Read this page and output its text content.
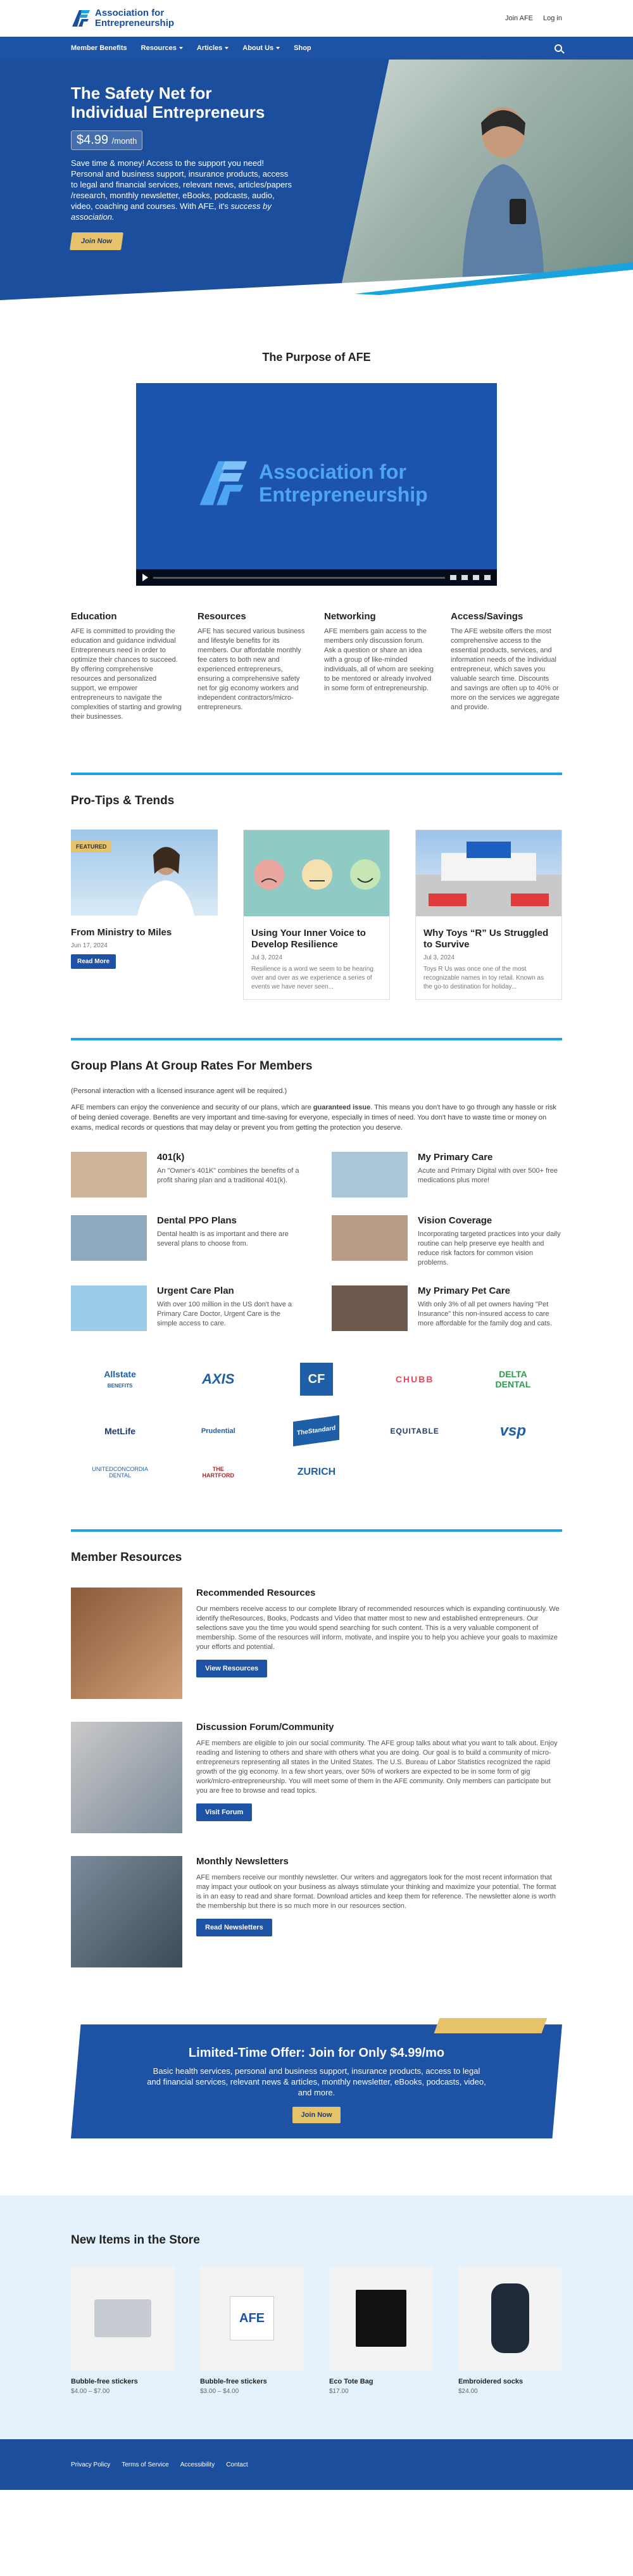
Association for
Entrepreneurship	Join AFE Log in
Member Benefits Resources	Articles	About Us	Shop
The Safety Net for Individual Entrepreneurs
$4.99 /month
Save time & money! Access to the support you need! Personal and business support, insurance products, access to legal and financial services, relevant news, articles/papers /research, monthly newsletter, eBooks, podcasts, audio, video, coaching and courses. With AFE, it's success by association.
Join Now
The Purpose of AFE
Association for
Entrepreneurship
Education

AFE is committed to providing the education and guidance individual Entrepreneurs need in order to optimize their chances to succeed. By offering comprehensive resources and personalized support, we empower entrepreneurs to navigate the complexities of starting and growing their businesses.

Resources

AFE has secured various business and lifestyle benefits for its members. Our affordable monthly fee caters to both new and experienced entrepreneurs, ensuring a comprehensive safety net for gig economy workers and independent contractors/micro-entrepreneurs.

Networking

AFE members gain access to the members only discussion forum. Ask a question or share an idea with a group of like-minded individuals, all of whom are seeking to be mentored or already involved in some form of entrepreneurship.

Access/Savings

The AFE website offers the most comprehensive access to the essential products, services, and information needs of the individual entrepreneur, which saves you valuable search time. Discounts and savings are often up to 40% or more on the services we aggregate and provide.

Pro-Tips & Trends
FEATURED
From Ministry to Miles
Jun 17, 2024
Read More
Using Your Inner Voice to Develop Resilience
Jul 3, 2024
Resilience is a word we seem to be hearing over and over as we experience a series of events we have never seen...
Why Toys “R” Us Struggled to Survive
Jul 3, 2024
Toys R Us was once one of the most recognizable names in toy retail. Known as the go-to destination for holiday...
Group Plans At Group Rates For Members
(Personal interaction with a licensed insurance agent will be required.)
AFE members can enjoy the convenience and security of our plans, which are guaranteed issue. This means you don't have to go through any hassle or risk of being denied coverage. Benefits are very important and time-saving for everyone, especially in times of need. You don't have to waste time or money on exams, medical records or questions that may delay or prevent you from getting the protection you deserve.
401(k)

An "Owner's 401K" combines the benefits of a profit sharing plan and a traditional 401(k).

My Primary Care

Acute and Primary Digital with over 500+ free medications plus more!

Dental PPO Plans

Dental health is as important and there are several plans to choose from.

Vision Coverage

Incorporating targeted practices into your daily routine can help preserve eye health and reduce risk factors for common vision problems.

Urgent Care Plan

With over 100 million in the US don't have a Primary Care Doctor, Urgent Care is the simple access to care.

My Primary Pet Care

With only 3% of all pet owners having "Pet Insurance" this non-insured access to care more affordable for the family dog and cats.

Allstate
BENEFITS	AXIS	CF	CHUBB	DELTA DENTAL
MetLife	Prudential	TheStandard	EQUITABLE	vsp
UNITEDCONCORDIA DENTAL
THE HARTFORD	ZURICH
Member Resources
Recommended Resources

Our members receive access to our complete library of recommended resources which is expanding continuously. We identify theResources, Books, Podcasts and Video that matter most to new and established entrepreneurs. Our selections save you the time you would spend searching for such content. This is a very valuable component of membership. Some of the resources will inform, motivate, and inspire you to help you achieve your goals to maximize your efforts and potential.

View Resources
Discussion Forum/Community

AFE members are eligible to join our social community. The AFE group talks about what you want to talk about. Enjoy reading and listening to others and share with others what you are doing. Our goal is to build a community of micro-entrepreneurs representing all states in the United States. The U.S. Bureau of Labor Statistics recognized the rapid growth of the gig economy. In a few short years, over 50% of workers are expected to be in some form of gig work/micro-entrepreneurship. You will meet some of them in the AFE community. Only members can participate but you are free to browse and read topics.

Visit Forum
Monthly Newsletters

AFE members receive our monthly newsletter. Our writers and aggregators look for the most recent information that may impact your outlook on your business as always stimulate your thinking and maximize your potential. The format is in an easy to read and share format. Download articles and keep them for reference. The newsletter alone is worth the membership but there is so much more in our resources section.

Read Newsletters
Limited-Time Offer: Join for Only $4.99/mo

Basic health services, personal and business support, insurance products, access to legal and financial services, relevant news & articles, monthly newsletter, eBooks, podcasts, video, and more.

Join Now
New Items in the Store
Bubble-free stickers
$4.00 – $7.00
AFE
Bubble-free stickers
$3.00 – $4.00
Eco Tote Bag
$17.00
Embroidered socks
$24.00
Privacy Policy Terms of Service Accessibility Contact
